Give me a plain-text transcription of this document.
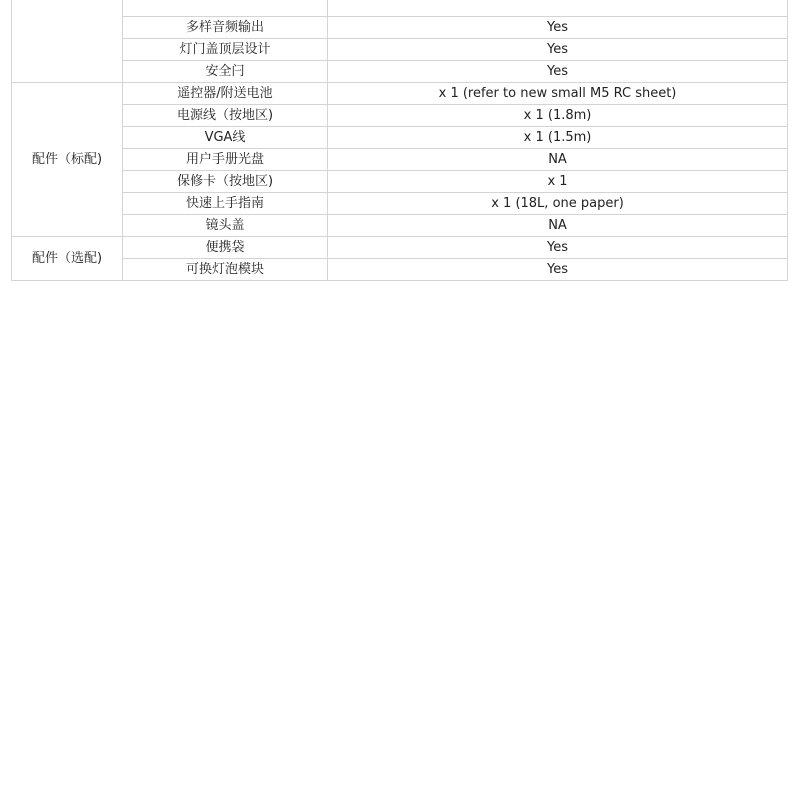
	多样音频输出	Yes
	灯门盖顶层设计	Yes
	安全闩	Yes
配件（标配)	遥控器/附送电池	x 1 (refer to new small M5 RC sheet)
	电源线（按地区)	x 1 (1.8m)
	VGA线	x 1 (1.5m)
	用户手册光盘	NA
	保修卡（按地区)	x 1
	快速上手指南	x 1 (18L, one paper)
	镜头盖	NA
配件（选配)	便携袋	Yes
	可换灯泡模块	Yes
